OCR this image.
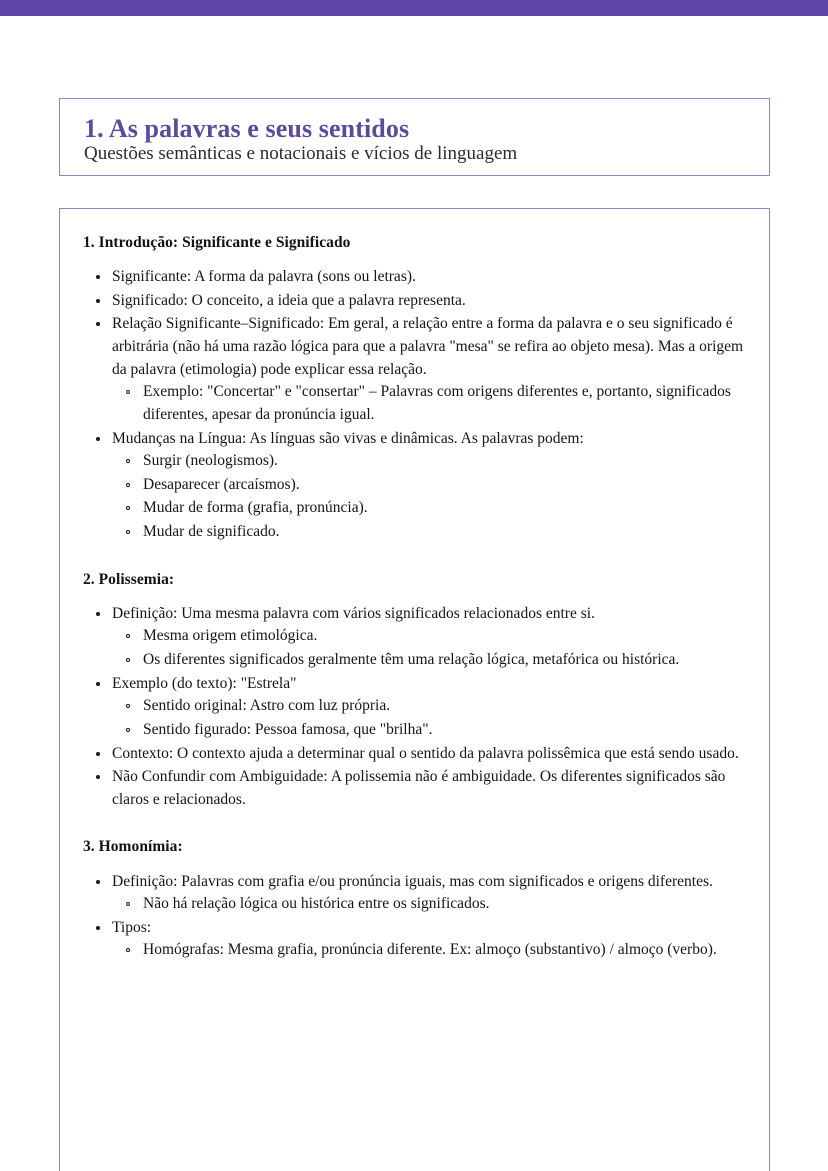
1. As palavras e seus sentidos

Questões semânticas e notacionais e vícios de linguagem

1. Introdução: Significante e Significado
Significante: A forma da palavra (sons ou letras).
Significado: O conceito, a ideia que a palavra representa.
Relação Significante–Significado: Em geral, a relação entre a forma da palavra e o seu significado é arbitrária (não há uma razão lógica para que a palavra "mesa" se refira ao objeto mesa). Mas a origem da palavra (etimologia) pode explicar essa relação.
Exemplo: "Concertar" e "consertar" – Palavras com origens diferentes e, portanto, significados diferentes, apesar da pronúncia igual.
Mudanças na Língua: As línguas são vivas e dinâmicas. As palavras podem:
Surgir (neologismos).
Desaparecer (arcaísmos).
Mudar de forma (grafia, pronúncia).
Mudar de significado.
2. Polissemia:
Definição: Uma mesma palavra com vários significados relacionados entre si.
Mesma origem etimológica.
Os diferentes significados geralmente têm uma relação lógica, metafórica ou histórica.
Exemplo (do texto): "Estrela"
Sentido original: Astro com luz própria.
Sentido figurado: Pessoa famosa, que "brilha".
Contexto: O contexto ajuda a determinar qual o sentido da palavra polissêmica que está sendo usado.
Não Confundir com Ambiguidade: A polissemia não é ambiguidade. Os diferentes significados são claros e relacionados.
3. Homonímia:
Definição: Palavras com grafia e/ou pronúncia iguais, mas com significados e origens diferentes.
Não há relação lógica ou histórica entre os significados.
Tipos:
Homógrafas: Mesma grafia, pronúncia diferente. Ex: almoço (substantivo) / almoço (verbo).
